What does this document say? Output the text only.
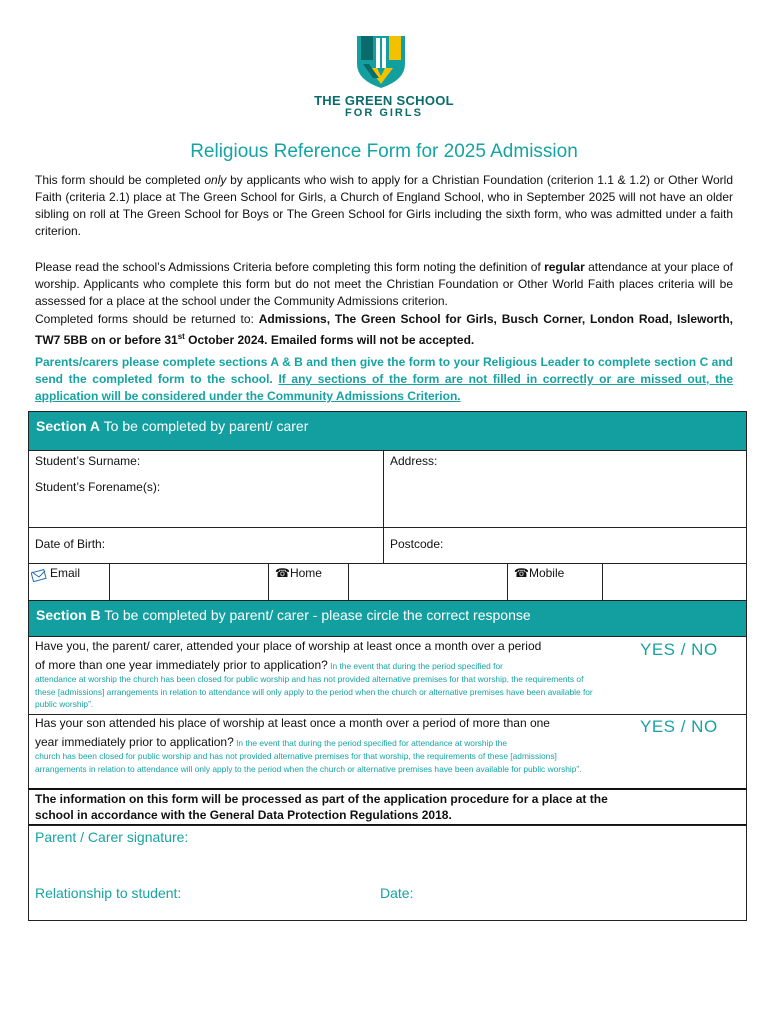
THE GREEN SCHOOL
FOR GIRLS
Religious Reference Form for 2025 Admission
This form should be completed only by applicants who wish to apply for a Christian Foundation (criterion 1.1 & 1.2) or Other World Faith (criteria 2.1) place at The Green School for Girls, a Church of England School, who in September 2025 will not have an older sibling on roll at The Green School for Boys or The Green School for Girls including the sixth form, who was admitted under a faith criterion.
Please read the school’s Admissions Criteria before completing this form noting the definition of regular attendance at your place of worship. Applicants who complete this form but do not meet the Christian Foundation or Other World Faith places criteria will be assessed for a place at the school under the Community Admissions criterion.
Completed forms should be returned to: Admissions, The Green School for Girls, Busch Corner, London Road, Isleworth, TW7 5BB on or before 31st October 2024. Emailed forms will not be accepted.
Parents/carers please complete sections A & B and then give the form to your Religious Leader to complete section C and send the completed form to the school. If any sections of the form are not filled in correctly or are missed out, the application will be considered under the Community Admissions Criterion.
Section A To be completed by parent/ carer
Student’s Surname:
Student’s Forename(s):
Address:
Date of Birth:	Postcode:
Email	☎Home	☎Mobile
Section B To be completed by parent/ carer - please circle the correct response
Have you, the parent/ carer, attended your place of worship at least once a month over a period
of more than one year immediately prior to application? In the event that during the period specified for
attendance at worship the church has been closed for public worship and has not provided alternative premises for that worship, the requirements of these [admissions] arrangements in relation to attendance will only apply to the period when the church or alternative premises have been available for public worship”.
YES / NO
Has your son attended his place of worship at least once a month over a period of more than one
year immediately prior to application? In the event that during the period specified for attendance at worship the
church has been closed for public worship and has not provided alternative premises for that worship, the requirements of these [admissions] arrangements in relation to attendance will only apply to the period when the church or alternative premises have been available for public worship”.
YES / NO
The information on this form will be processed as part of the application procedure for a place at the school in accordance with the General Data Protection Regulations 2018.
Parent / Carer signature:
Relationship to student:	Date:
